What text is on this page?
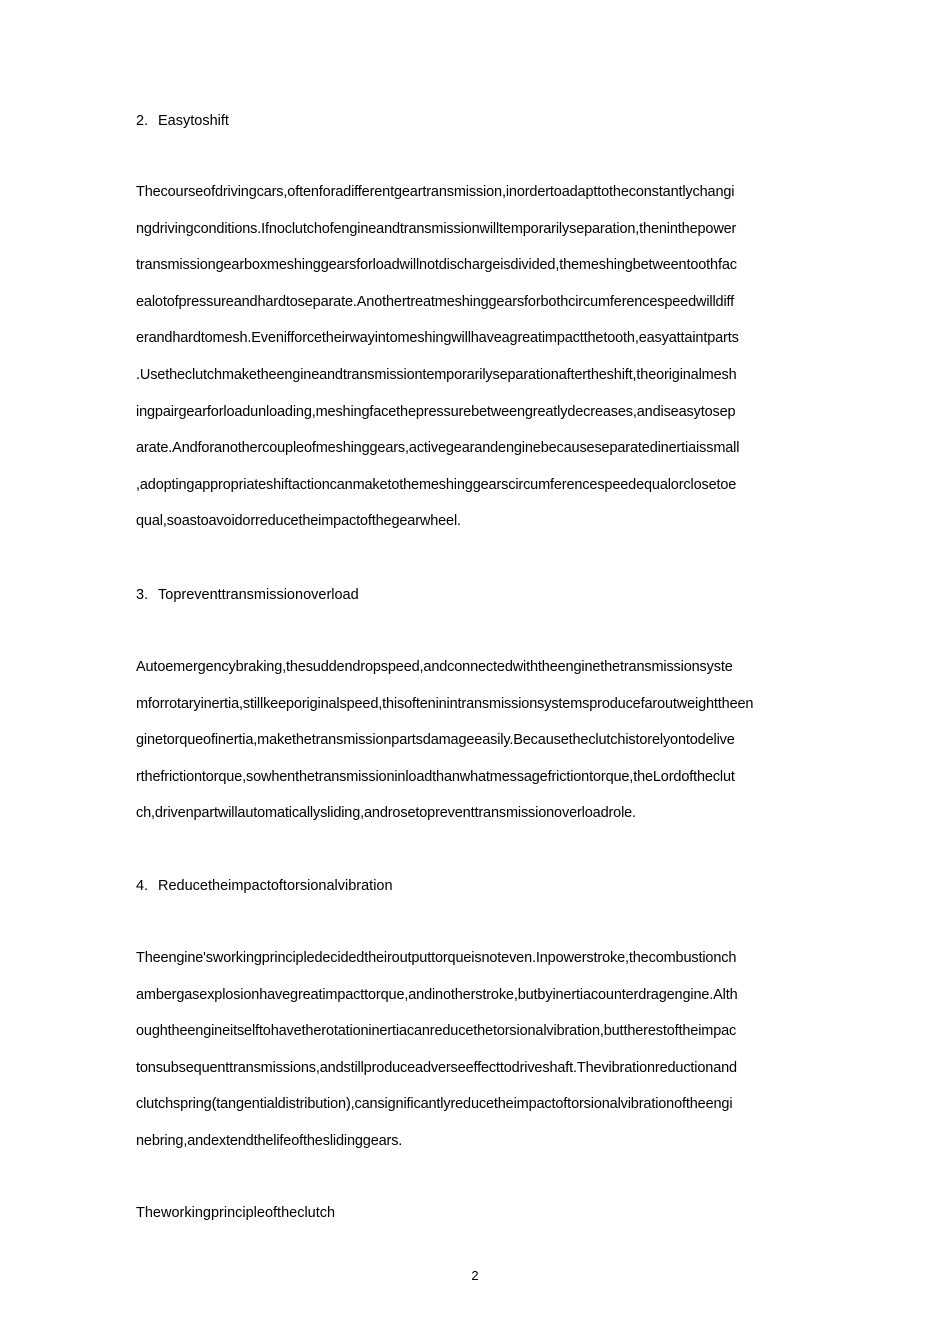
2. Easytoshift
Thecourseofdrivingcars,oftenforadifferentgeartransmission,inordertoadapttotheconstantlychangi
ngdrivingconditions.Ifnoclutchofengineandtransmissionwilltemporarilyseparation,theninthepower
transmissiongearboxmeshinggearsforloadwillnotdischargeisdivided,themeshingbetweentoothfac
ealotofpressureandhardtoseparate.Anothertreatmeshinggearsforbothcircumferencespeedwilldiff
erandhardtomesh.Evenifforcetheirwayintomeshingwillhaveagreatimpactthetooth,easyattaintparts
.Usetheclutchmaketheengineandtransmissiontemporarilyseparationaftertheshift,theoriginalmesh
ingpairgearforloadunloading,meshingfacethepressurebetweengreatlydecreases,andiseasytosep
arate.Andforanothercoupleofmeshinggears,activegearandenginebecauseseparatedinertiaissmall
,adoptingappropriateshiftactioncanmaketothemeshinggearscircumferencespeedequalorclosetoe
qual,soastoavoidorreducetheimpactofthegearwheel.
3. Topreventtransmissionoverload
Autoemergencybraking,thesuddendropspeed,andconnectedwiththeenginethetransmissionsyste
mforrotaryinertia,stillkeeporiginalspeed,thisofteninintransmissionsystemsproducefaroutweighttheen
ginetorqueofinertia,makethetransmissionpartsdamageeasily.Becausetheclutchistorelyontodelive
rthefrictiontorque,sowhenthetransmissioninloadthanwhatmessagefrictiontorque,theLordoftheclut
ch,drivenpartwillautomaticallysliding,androsetopreventtransmissionoverloadrole.
4. Reducetheimpactoftorsionalvibration
Theengine'sworkingprincipledecidedtheiroutputtorqueisnoteven.Inpowerstroke,thecombustionch
ambergasexplosionhavegreatimpacttorque,andinotherstroke,butbyinertiacounterdragengine.Alth
oughtheengineitselftohavetherotationinertiacanreducethetorsionalvibration,buttherestoftheimpac
tonsubsequenttransmissions,andstillproduceadverseeffecttodriveshaft.Thevibrationreductionand
clutchspring(tangentialdistribution),cansignificantlyreducetheimpactoftorsionalvibrationoftheengi
nebring,andextendthelifeoftheslidinggears.
Theworkingprincipleoftheclutch
2
